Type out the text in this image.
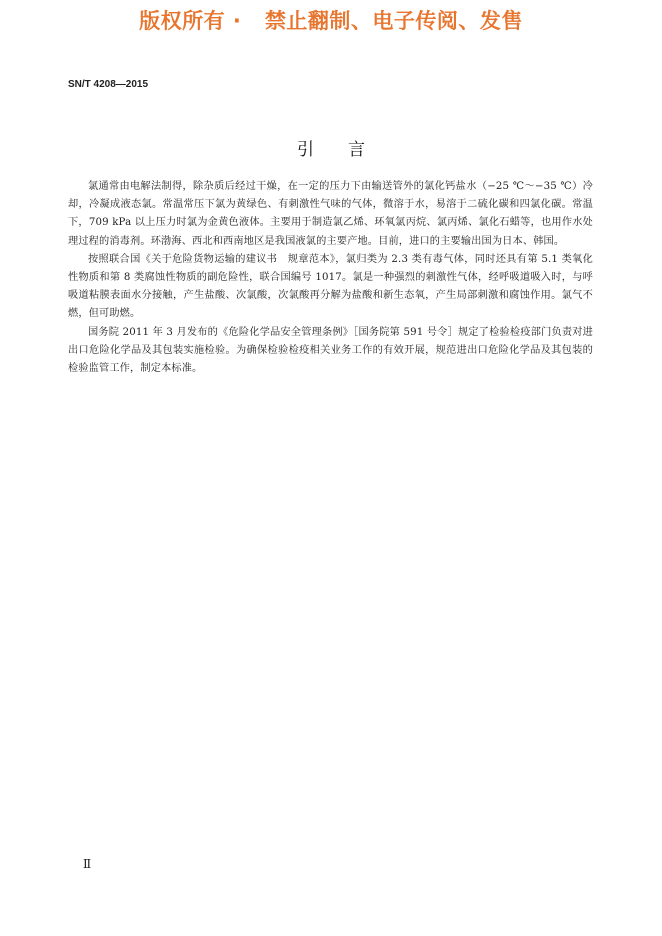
版权所有 ·   禁止翻制、电子传阅、发售
SN/T 4208—2015
引　　言

氯通常由电解法制得，除杂质后经过干燥，在一定的压力下由输送管外的氯化钙盐水（−25 ℃～−35 ℃）冷却，冷凝成液态氯。常温常压下氯为黄绿色、有刺激性气味的气体，微溶于水，易溶于二硫化碳和四氯化碳。常温下，709 kPa 以上压力时氯为金黄色液体。主要用于制造氯乙烯、环氧氯丙烷、氯丙烯、氯化石蜡等，也用作水处理过程的消毒剂。环渤海、西北和西南地区是我国液氯的主要产地。目前，进口的主要输出国为日本、韩国。

按照联合国《关于危险货物运输的建议书　规章范本》，氯归类为 2.3 类有毒气体，同时还具有第 5.1 类氧化性物质和第 8 类腐蚀性物质的副危险性，联合国编号 1017。氯是一种强烈的刺激性气体，经呼吸道吸入时，与呼吸道粘膜表面水分接触，产生盐酸、次氯酸，次氯酸再分解为盐酸和新生态氧，产生局部刺激和腐蚀作用。氯气不燃，但可助燃。

国务院 2011 年 3 月发布的《危险化学品安全管理条例》［国务院第 591 号令］规定了检验检疫部门负责对进出口危险化学品及其包装实施检验。为确保检验检疫相关业务工作的有效开展，规范进出口危险化学品及其包装的检验监管工作，制定本标准。

Ⅱ
